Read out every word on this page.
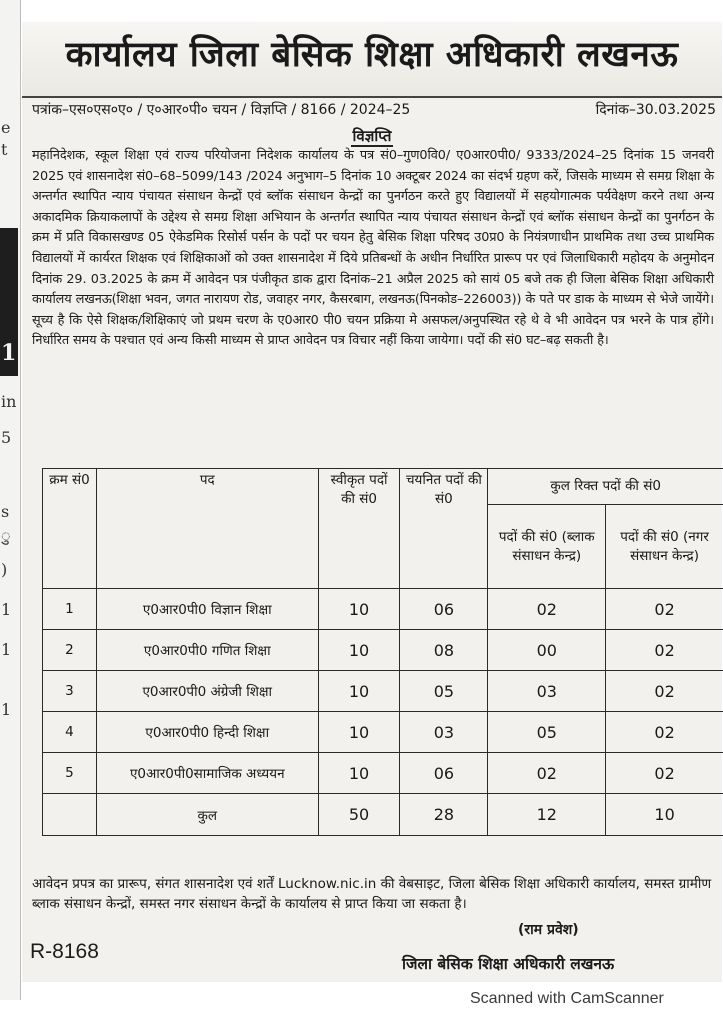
e
t
1
in
5
s
ु
)
1
1
1
कार्यालय जिला बेसिक शिक्षा अधिकारी लखनऊ
पत्रांक–एस०एस०ए० / ए०आर०पी० चयन / विज्ञप्ति / 8166 / 2024–25	दिनांक–30.03.2025
विज्ञप्ति
महानिदेशक, स्कूल शिक्षा एवं राज्य परियोजना निदेशक कार्यालय के पत्र सं0–गुण0वि0/ ए0आर0पी0/ 9333/2024–25 दिनांक 15 जनवरी 2025 एवं शासनादेश सं0–68–5099/143 /2024 अनुभाग–5 दिनांक 10 अक्टूबर 2024 का संदर्भ ग्रहण करें, जिसके माध्यम से समग्र शिक्षा के अन्तर्गत स्थापित न्याय पंचायत संसाधन केन्द्रों एवं ब्लॉक संसाधन केन्द्रों का पुनर्गठन करते हुए विद्यालयों में सहयोगात्मक पर्यवेक्षण करने तथा अन्य अकादमिक क्रियाकलापों के उद्देश्य से समग्र शिक्षा अभियान के अन्तर्गत स्थापित न्याय पंचायत संसाधन केन्द्रों एवं ब्लॉक संसाधन केन्द्रों का पुनर्गठन के क्रम में प्रति विकासखण्ड 05 ऐकेडमिक रिसोर्स पर्सन के पदों पर चयन हेतु बेसिक शिक्षा परिषद उ0प्र0 के नियंत्रणाधीन प्राथमिक तथा उच्च प्राथमिक विद्यालयों में कार्यरत शिक्षक एवं शिक्षिकाओं को उक्त शासनादेश में दिये प्रतिबन्धों के अधीन निर्धारित प्रारूप पर एवं जिलाधिकारी महोदय के अनुमोदन दिनांक 29. 03.2025 के क्रम में आवेदन पत्र पंजीकृत डाक द्वारा दिनांक–21 अप्रैल 2025 को सायं 05 बजे तक ही जिला बेसिक शिक्षा अधिकारी कार्यालय लखनऊ(शिक्षा भवन, जगत नारायण रोड, जवाहर नगर, कैसरबाग, लखनऊ(पिनकोड–226003)) के पते पर डाक के माध्यम से भेजे जायेंगे। सूच्य है कि ऐसे शिक्षक/शिक्षिकाएं जो प्रथम चरण के ए0आर0 पी0 चयन प्रक्रिया मे असफल/अनुपस्थित रहे थे वे भी आवेदन पत्र भरने के पात्र होंगे। निर्धारित समय के पश्चात एवं अन्य किसी माध्यम से प्राप्त आवेदन पत्र विचार नहीं किया जायेगा। पदों की सं0 घट–बढ़ सकती है।
क्रम सं0	पद	स्वीकृत पदों की सं0	चयनित पदों की सं0	कुल रिक्त पदों की सं0	
				पदों की सं0 (ब्लाक संसाधन केन्द्र)	पदों की सं0 (नगर संसाधन केन्द्र)
1	ए0आर0पी0 विज्ञान शिक्षा	10	06	02	02
2	ए0आर0पी0 गणित शिक्षा	10	08	00	02
3	ए0आर0पी0 अंग्रेजी शिक्षा	10	05	03	02
4	ए0आर0पी0 हिन्दी शिक्षा	10	03	05	02
5	ए0आर0पी0सामाजिक अध्ययन	10	06	02	02
	कुल	50	28	12	10
आवेदन प्रपत्र का प्रारूप, संगत शासनादेश एवं शर्तें Lucknow.nic.in की वेबसाइट, जिला बेसिक शिक्षा अधिकारी कार्यालय, समस्त ग्रामीण ब्लाक संसाधन केन्द्रों, समस्त नगर संसाधन केन्द्रों के कार्यालय से प्राप्त किया जा सकता है।
(राम प्रवेश)
R-8168
जिला बेसिक शिक्षा अधिकारी लखनऊ
Scanned with CamScanner
